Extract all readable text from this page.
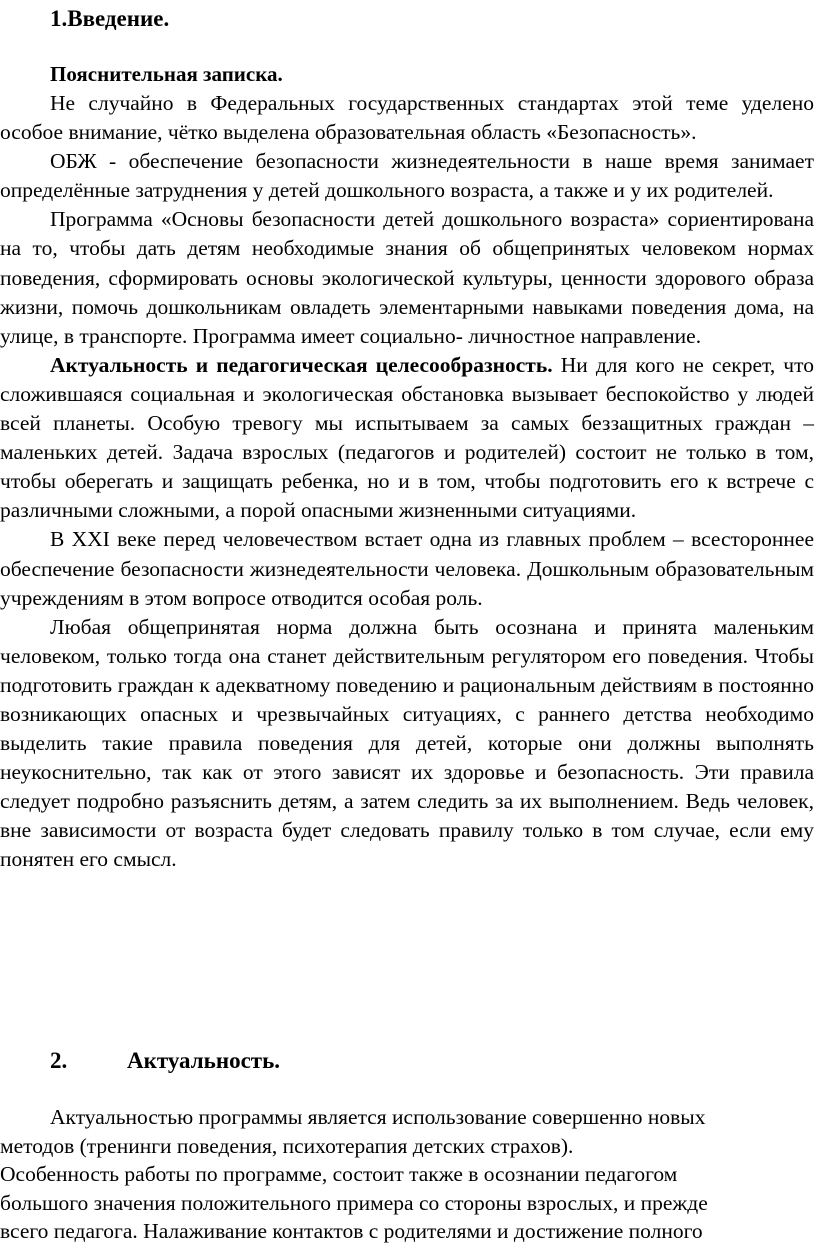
1.Введение.
Пояснительная записка.

Не случайно в Федеральных государственных стандартах этой теме уделено особое внимание, чётко выделена образовательная область «Безопасность».

ОБЖ - обеспечение безопасности жизнедеятельности в наше время занимает определённые затруднения у детей дошкольного возраста, а также и у их родителей.

Программа «Основы безопасности детей дошкольного возраста» сориентирована на то, чтобы дать детям необходимые знания об общепринятых человеком нормах поведения, сформировать основы экологической культуры, ценности здорового образа жизни, помочь дошкольникам овладеть элементарными навыками поведения дома, на улице, в транспорте. Программа имеет социально- личностное направление.

Актуальность и педагогическая целесообразность. Ни для кого не секрет, что сложившаяся социальная и экологическая обстановка вызывает беспокойство у людей всей планеты. Особую тревогу мы испытываем за самых беззащитных граждан – маленьких детей. Задача взрослых (педагогов и родителей) состоит не только в том, чтобы оберегать и защищать ребенка, но и в том, чтобы подготовить его к встрече с различными сложными, а порой опасными жизненными ситуациями.

В XXI веке перед человечеством встает одна из главных проблем – всестороннее обеспечение безопасности жизнедеятельности человека. Дошкольным образовательным учреждениям в этом вопросе отводится особая роль.

Любая общепринятая норма должна быть осознана и принята маленьким человеком, только тогда она станет действительным регулятором его поведения. Чтобы подготовить граждан к адекватному поведению и рациональным действиям в постоянно возникающих опасных и чрезвычайных ситуациях, с раннего детства необходимо выделить такие правила поведения для детей, которые они должны выполнять неукоснительно, так как от этого зависят их здоровье и безопасность. Эти правила следует подробно разъяснить детям, а затем следить за их выполнением. Ведь человек, вне зависимости от возраста будет следовать правилу только в том случае, если ему понятен его смысл.

2.	Актуальность.
Актуальностью программы является использование совершенно новых
методов (тренинги поведения, психотерапия детских страхов).
Особенность работы по программе, состоит также в осознании педагогом
большого значения положительного примера со стороны взрослых, и прежде
всего педагога. Налаживание контактов с родителями и достижение полного
